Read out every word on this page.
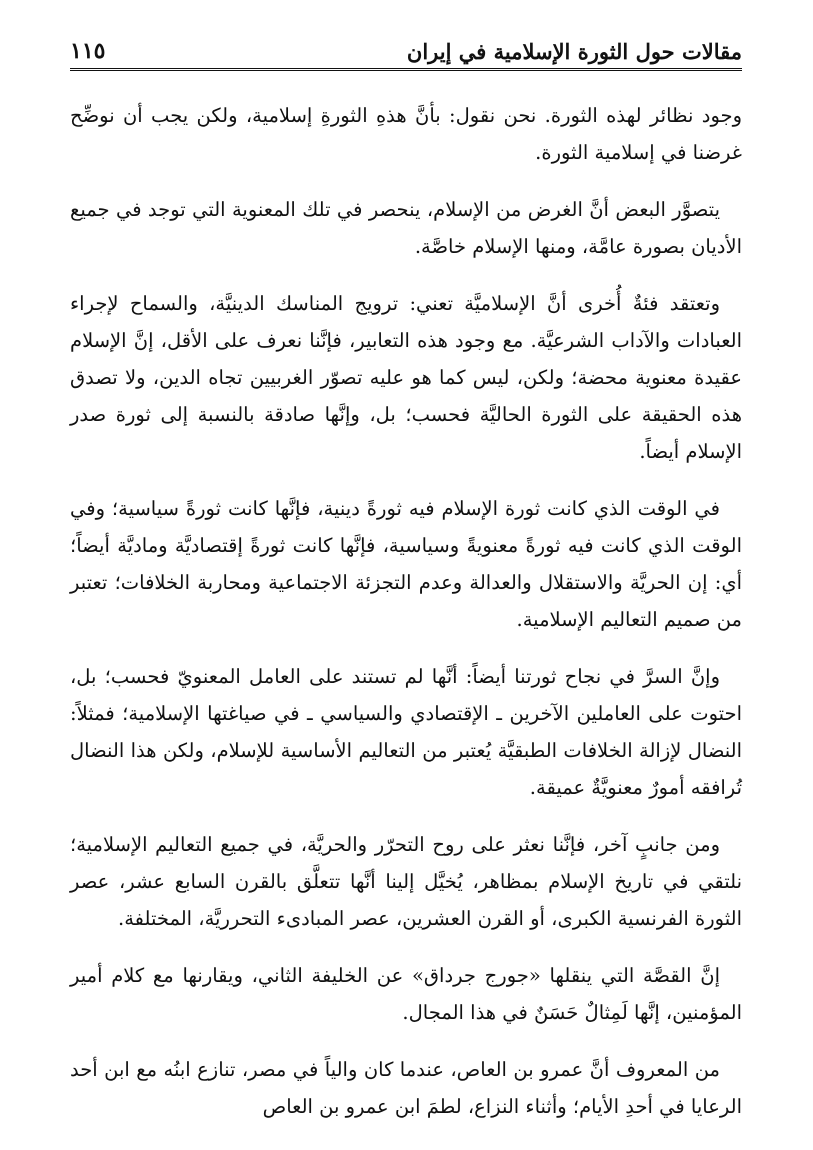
مقالات حول الثورة الإسلامية في إيران
١١٥

وجود نظائر لهذه الثورة. نحن نقول: بأنَّ هذهِ الثورةِ إسلامية، ولكن يجب أن نوضِّح غرضنا في إسلامية الثورة.

يتصوَّر البعض أنَّ الغرض من الإسلام، ينحصر في تلك المعنوية التي توجد في جميع الأديان بصورة عامَّة، ومنها الإسلام خاصَّة.

وتعتقد فئةٌ أُخرى أنَّ الإسلاميَّة تعني: ترويج المناسك الدينيَّة، والسماح لإجراء العبادات والآداب الشرعيَّة. مع وجود هذه التعابير، فإنَّنا نعرف على الأقل، إنَّ الإسلام عقيدة معنوية محضة؛ ولكن، ليس كما هو عليه تصوّر الغربيين تجاه الدين، ولا تصدق هذه الحقيقة على الثورة الحاليَّة فحسب؛ بل، وإنَّها صادقة بالنسبة إلى ثورة صدر الإسلام أيضاً.

في الوقت الذي كانت ثورة الإسلام فيه ثورةً دينية، فإنَّها كانت ثورةً سياسية؛ وفي الوقت الذي كانت فيه ثورةً معنويةً وسياسية، فإنَّها كانت ثورةً إقتصاديَّة وماديَّة أيضاً؛ أي: إن الحريَّة والاستقلال والعدالة وعدم التجزئة الاجتماعية ومحاربة الخلافات؛ تعتبر من صميم التعاليم الإسلامية.

وإنَّ السرَّ في نجاح ثورتنا أيضاً: أنَّها لم تستند على العامل المعنويّ فحسب؛ بل، احتوت على العاملين الآخرين ـ الإقتصادي والسياسي ـ في صياغتها الإسلامية؛ فمثلاً: النضال لإزالة الخلافات الطبقيَّة يُعتبر من التعاليم الأساسية للإسلام، ولكن هذا النضال تُرافقه أمورٌ معنويَّةٌ عميقة.

ومن جانبٍ آخر، فإنَّنا نعثر على روح التحرّر والحريَّة، في جميع التعاليم الإسلامية؛ نلتقي في تاريخ الإسلام بمظاهر، يُخيَّل إلينا أنَّها تتعلَّق بالقرن السابع عشر، عصر الثورة الفرنسية الكبرى، أو القرن العشرين، عصر المبادىء التحرريَّة، المختلفة.

إنَّ القصَّة التي ينقلها «جورج جرداق» عن الخليفة الثاني، ويقارنها مع كلام أمير المؤمنين، إنَّها لَمِثالٌ حَسَنٌ في هذا المجال.

من المعروف أنَّ عمرو بن العاص، عندما كان والياً في مصر، تنازع ابنُه مع ابن أحد الرعايا في أحدِ الأيام؛ وأثناء النزاع، لطمَ ابن عمرو بن العاص
